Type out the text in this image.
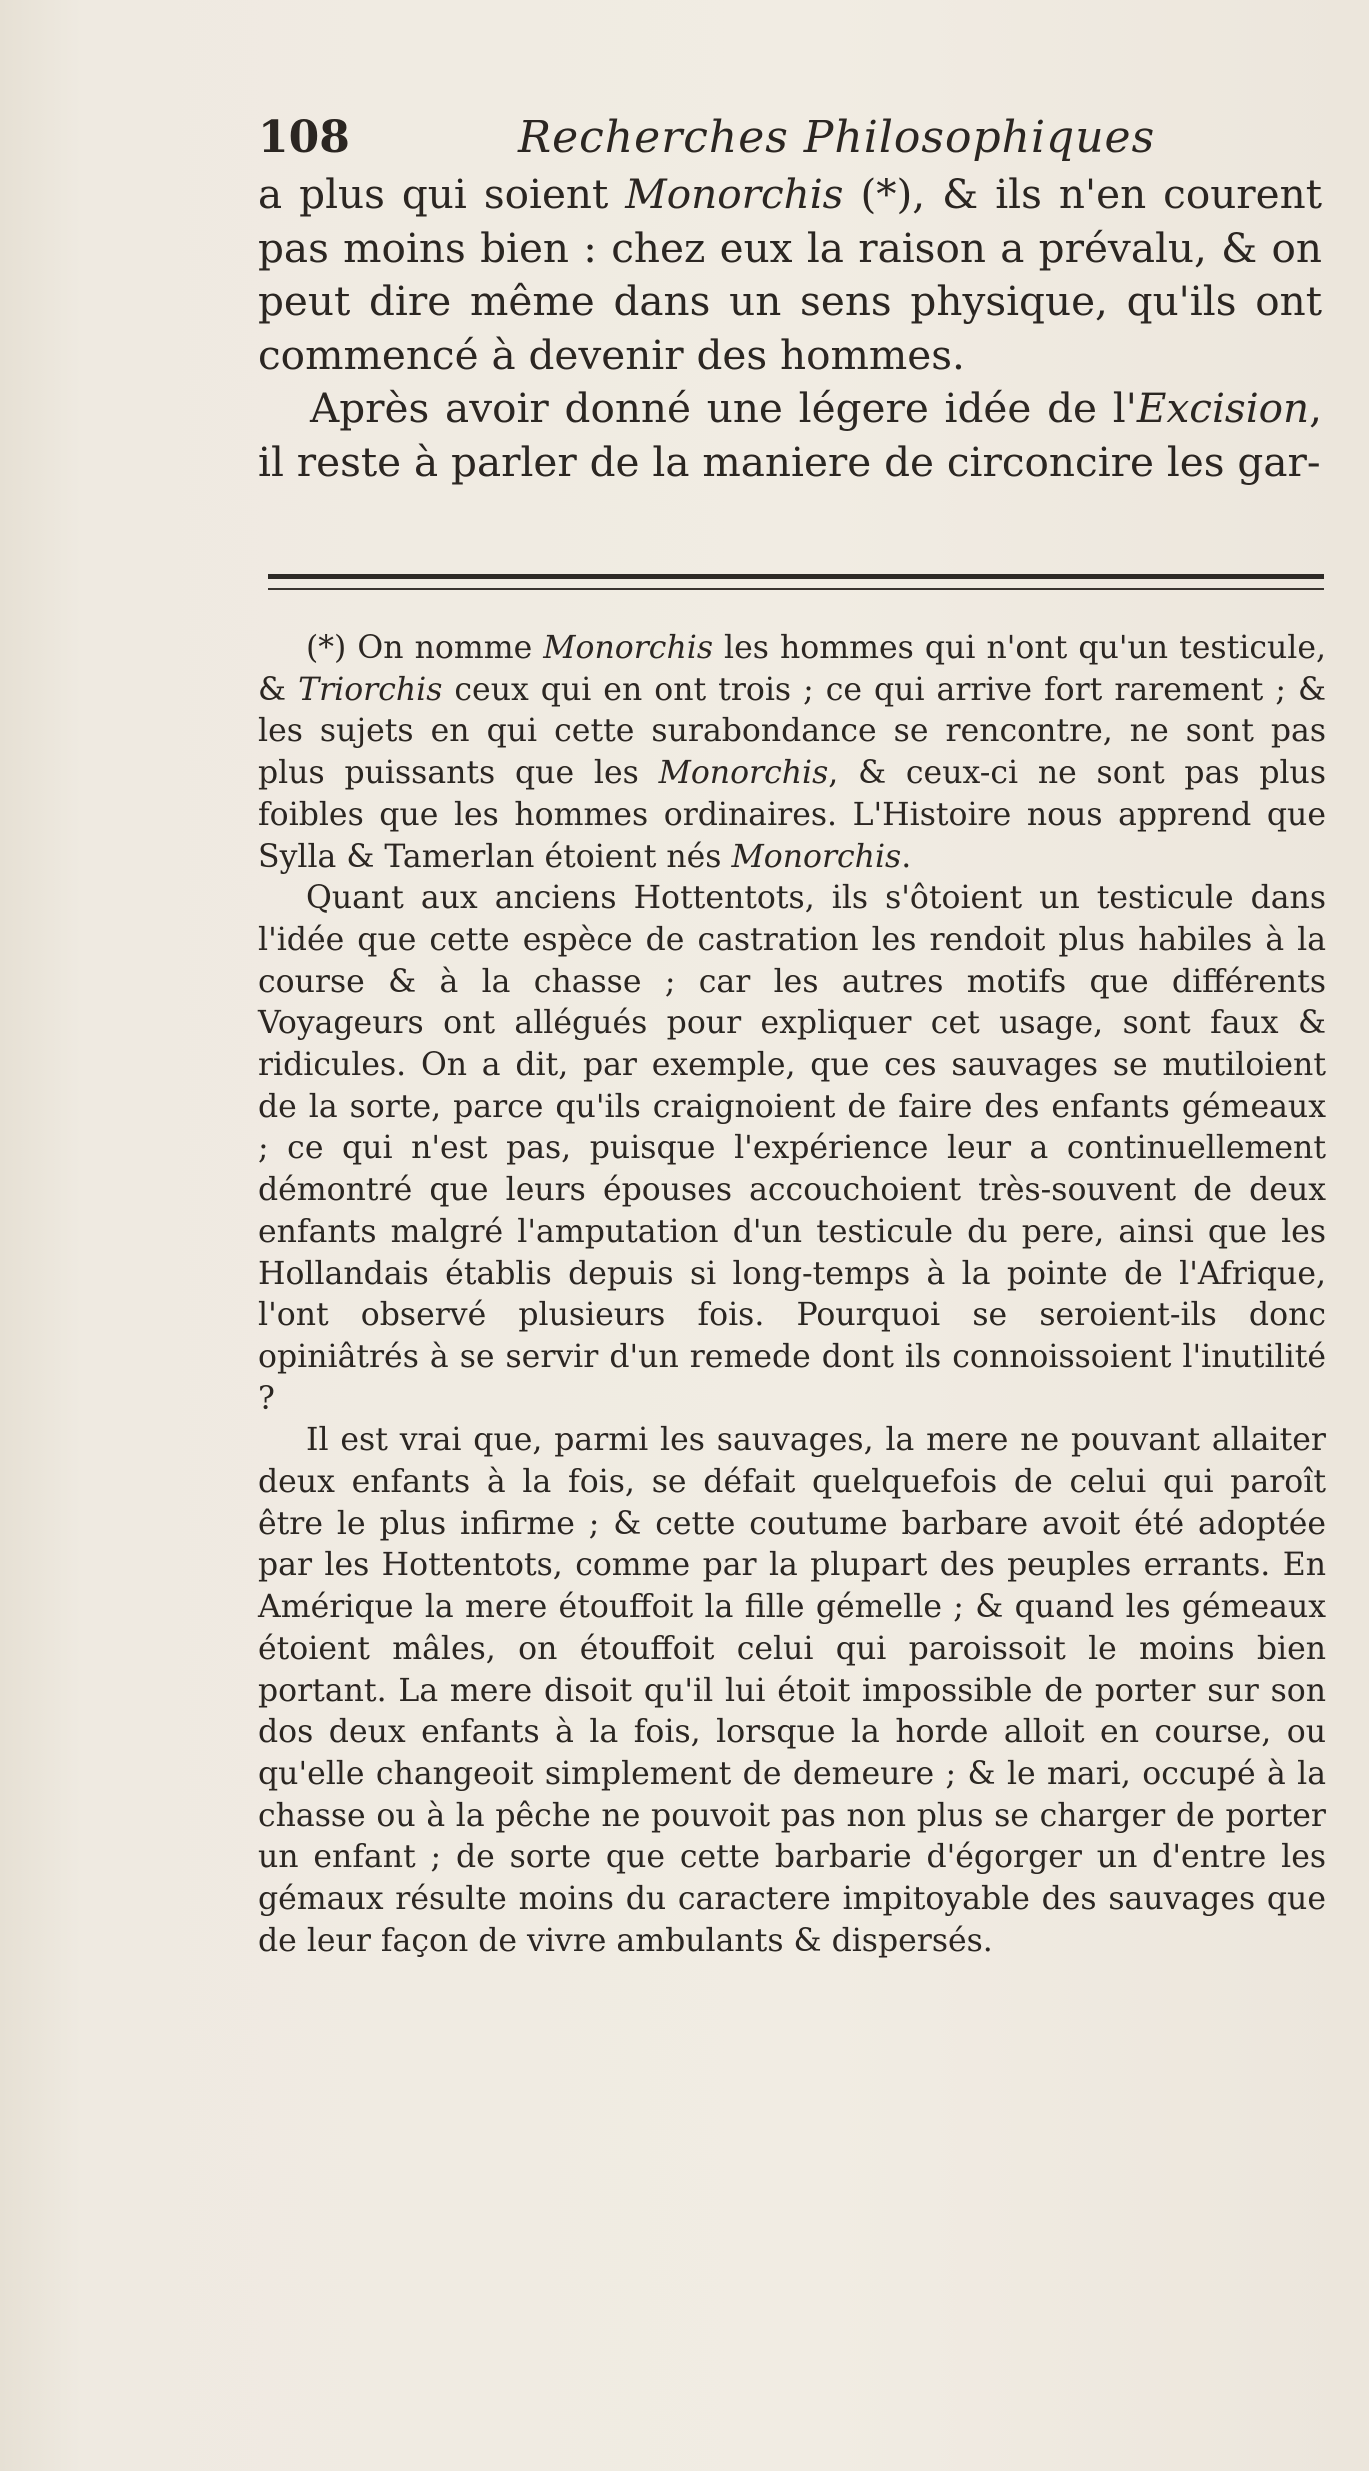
108	Recherches Philosophiques

a plus qui soient Monorchis (*), & ils n'en courent pas moins bien : chez eux la raison a prévalu, & on peut dire même dans un sens physique, qu'ils ont commencé à devenir des hommes.

Après avoir donné une légere idée de l'Excision, il reste à parler de la maniere de circoncire les gar-

(*) On nomme Monorchis les hommes qui n'ont qu'un testicule, & Triorchis ceux qui en ont trois ; ce qui arrive fort rarement ; & les sujets en qui cette surabondance se rencontre, ne sont pas plus puissants que les Monorchis, & ceux-ci ne sont pas plus foibles que les hommes ordinaires. L'Histoire nous apprend que Sylla & Tamerlan étoient nés Monorchis.

Quant aux anciens Hottentots, ils s'ôtoient un testicule dans l'idée que cette espèce de castration les rendoit plus habiles à la course & à la chasse ; car les autres motifs que différents Voyageurs ont allégués pour expliquer cet usage, sont faux & ridicules. On a dit, par exemple, que ces sauvages se mutiloient de la sorte, parce qu'ils craignoient de faire des enfants gémeaux ; ce qui n'est pas, puisque l'expérience leur a continuellement démontré que leurs épouses accouchoient très-souvent de deux enfants malgré l'amputation d'un testicule du pere, ainsi que les Hollandais établis depuis si long-temps à la pointe de l'Afrique, l'ont observé plusieurs fois. Pourquoi se seroient-ils donc opiniâtrés à se servir d'un remede dont ils connoissoient l'inutilité ?

Il est vrai que, parmi les sauvages, la mere ne pouvant allaiter deux enfants à la fois, se défait quelquefois de celui qui paroît être le plus infirme ; & cette coutume barbare avoit été adoptée par les Hottentots, comme par la plupart des peuples errants. En Amérique la mere étouffoit la fille gémelle ; & quand les gémeaux étoient mâles, on étouffoit celui qui paroissoit le moins bien portant. La mere disoit qu'il lui étoit impossible de porter sur son dos deux enfants à la fois, lorsque la horde alloit en course, ou qu'elle changeoit simplement de demeure ; & le mari, occupé à la chasse ou à la pêche ne pouvoit pas non plus se charger de porter un enfant ; de sorte que cette barbarie d'égorger un d'entre les gémaux résulte moins du caractere impitoyable des sauvages que de leur façon de vivre ambulants & dispersés.
